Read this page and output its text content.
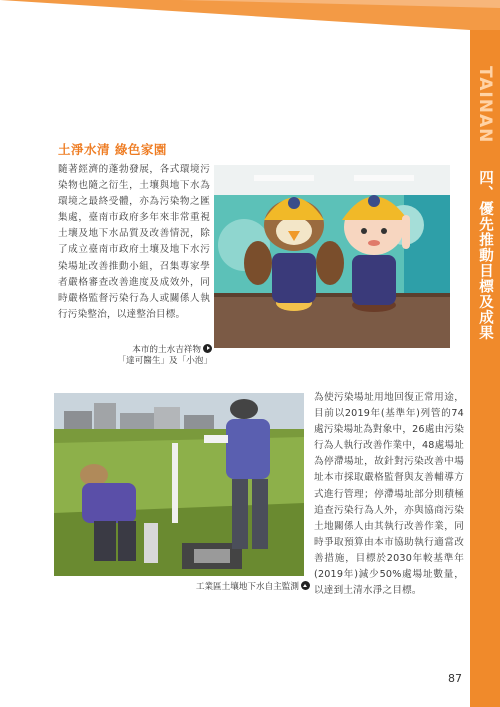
TAINAN
四、優先推動目標及成果
土淨水清 綠色家園
隨著經濟的蓬勃發展，各式環境污染物也隨之衍生，土壤與地下水為環境之最終受體，亦為污染物之匯集處，臺南市政府多年來非常重視土壤及地下水品質及改善情況，除了成立臺南市政府土壤及地下水污染場址改善推動小組，召集專家學者嚴格審查改善進度及成效外，同時嚴格監督污染行為人或關係人執行污染整治，以達整治目標。
本市的土水吉祥物
「達可醫生」及「小泡」
工業區土壤地下水自主監測
為使污染場址用地回復正常用途，目前以2019年(基準年)列管的74處污染場址為對象中，26處由污染行為人執行改善作業中，48處場址為停滯場址，故針對污染改善中場址本市採取嚴格監督與友善輔導方式進行管理；停滯場址部分則積極追查污染行為人外，亦與協商污染土地關係人由其執行改善作業，同時爭取預算由本市協助執行適當改善措施，目標於2030年較基準年(2019年)減少50%處場址數量，以達到土清水淨之目標。
87
